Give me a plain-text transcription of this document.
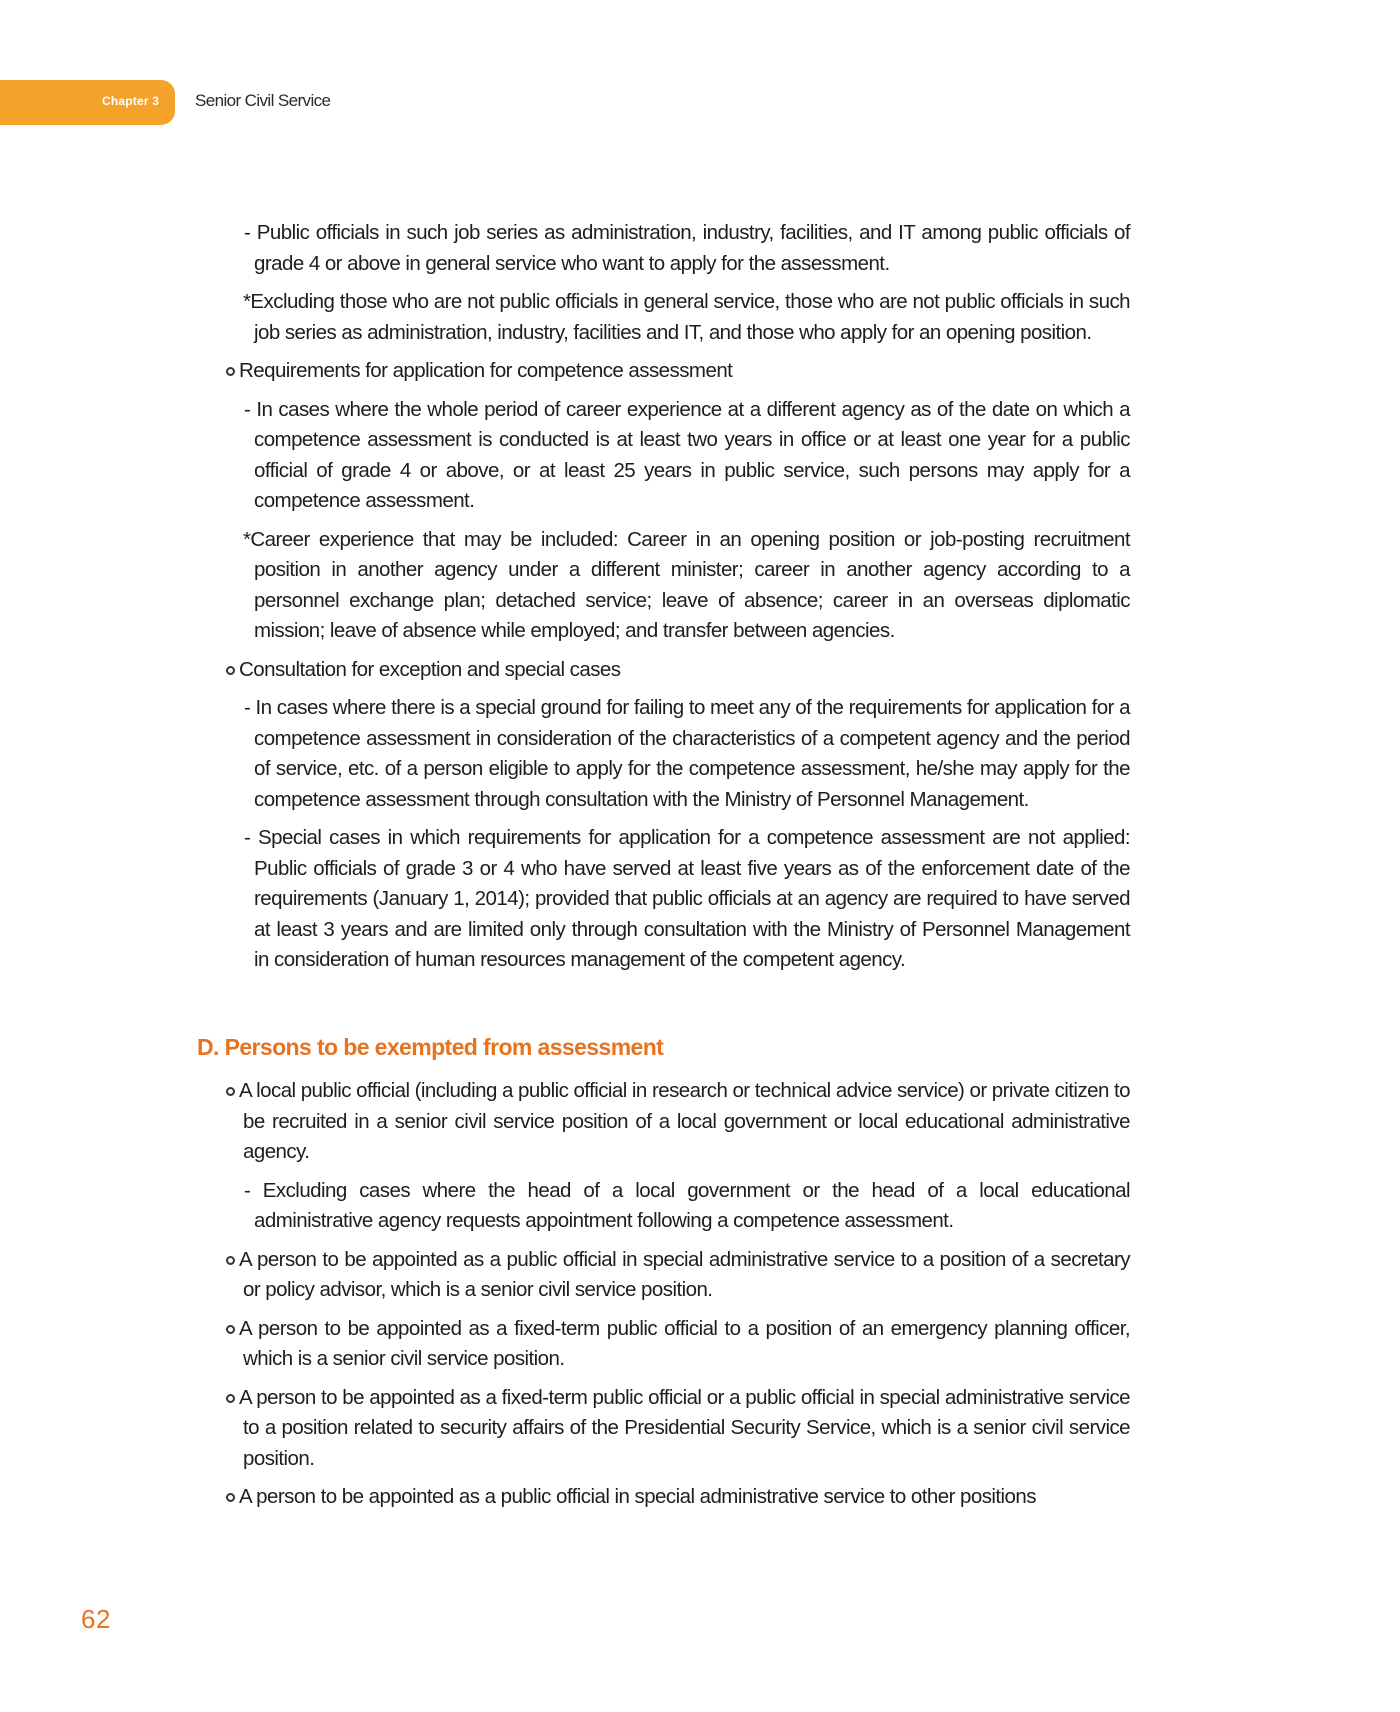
Chapter 3 Senior Civil Service

- Public officials in such job series as administration, industry, facilities, and IT among public officials of grade 4 or above in general service who want to apply for the assessment.

*Excluding those who are not public officials in general service, those who are not public officials in such job series as administration, industry, facilities and IT, and those who apply for an opening position.

Requirements for application for competence assessment

- In cases where the whole period of career experience at a different agency as of the date on which a competence assessment is conducted is at least two years in office or at least one year for a public official of grade 4 or above, or at least 25 years in public service, such persons may apply for a competence assessment.

*Career experience that may be included: Career in an opening position or job-posting recruitment position in another agency under a different minister; career in another agency according to a personnel exchange plan; detached service; leave of absence; career in an overseas diplomatic mission; leave of absence while employed; and transfer between agencies.

Consultation for exception and special cases

- In cases where there is a special ground for failing to meet any of the requirements for application for a competence assessment in consideration of the characteristics of a competent agency and the period of service, etc. of a person eligible to apply for the competence assessment, he/she may apply for the competence assessment through consultation with the Ministry of Personnel Management.

- Special cases in which requirements for application for a competence assessment are not applied: Public officials of grade 3 or 4 who have served at least five years as of the enforcement date of the requirements (January 1, 2014); provided that public officials at an agency are required to have served at least 3 years and are limited only through consultation with the Ministry of Personnel Management in consideration of human resources management of the competent agency.

D. Persons to be exempted from assessment

A local public official (including a public official in research or technical advice service) or private citizen to be recruited in a senior civil service position of a local government or local educational administrative agency.

- Excluding cases where the head of a local government or the head of a local educational administrative agency requests appointment following a competence assessment.

A person to be appointed as a public official in special administrative service to a position of a secretary or policy advisor, which is a senior civil service position.

A person to be appointed as a fixed-term public official to a position of an emergency planning officer, which is a senior civil service position.

A person to be appointed as a fixed-term public official or a public official in special administrative service to a position related to security affairs of the Presidential Security Service, which is a senior civil service position.

A person to be appointed as a public official in special administrative service to other positions

62
